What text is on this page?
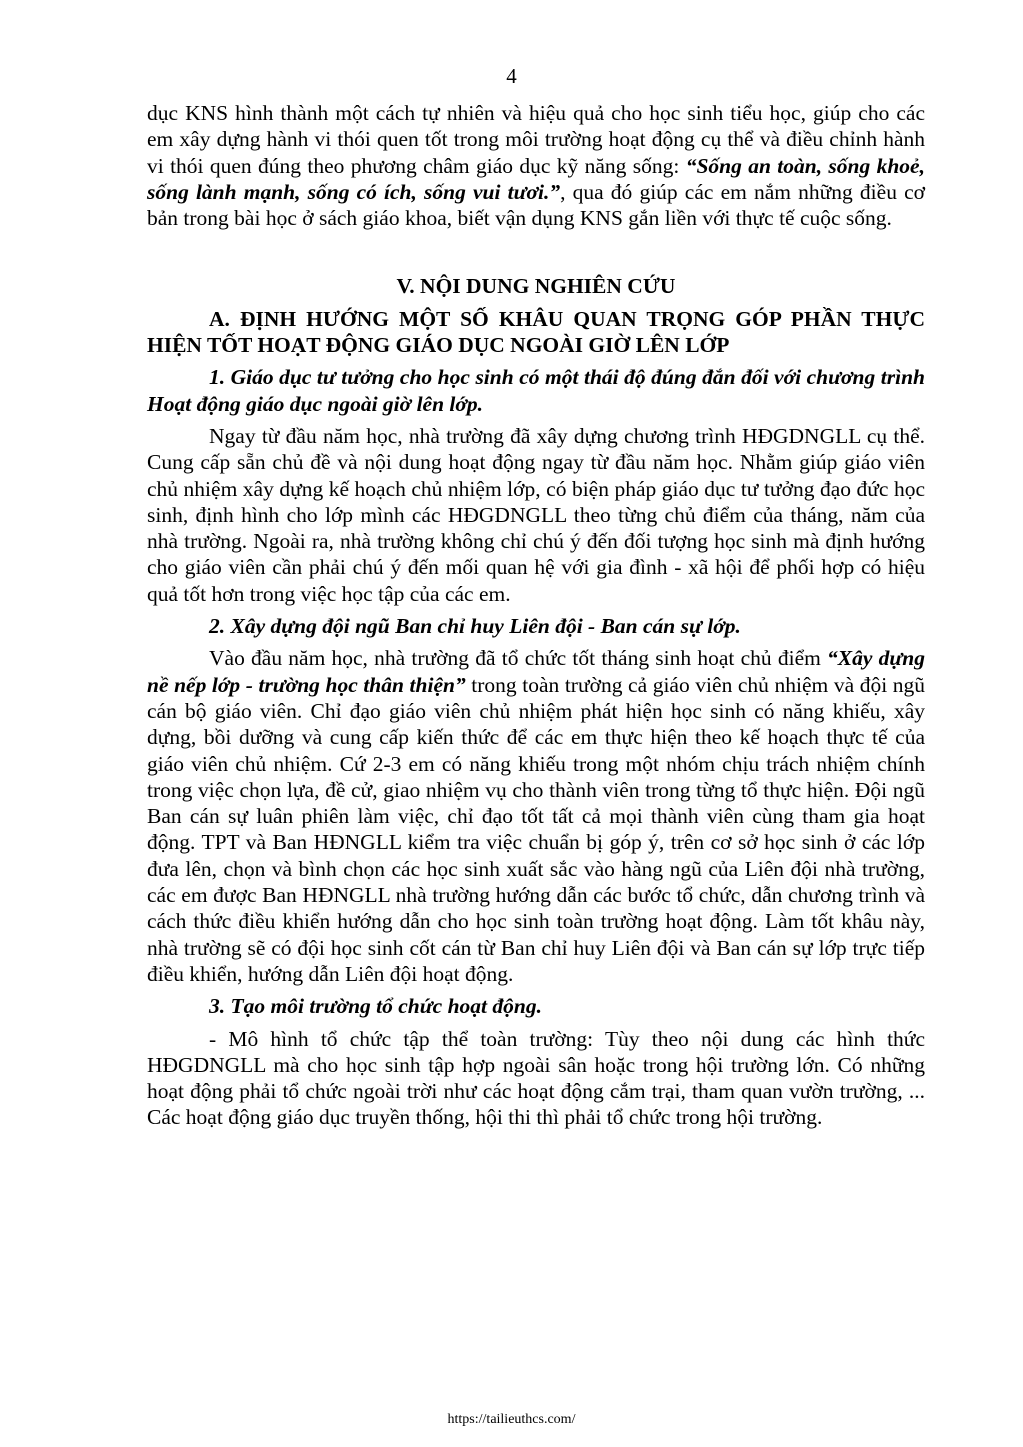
4

dục KNS hình thành một cách tự nhiên và hiệu quả cho học sinh tiểu học, giúp cho các em xây dựng hành vi thói quen tốt trong môi trường hoạt động cụ thể và điều chỉnh hành vi thói quen đúng theo phương châm giáo dục kỹ năng sống: “Sống an toàn, sống khoẻ, sống lành mạnh, sống có ích, sống vui tươi.”, qua đó giúp các em nắm những điều cơ bản trong bài học ở sách giáo khoa, biết vận dụng KNS gắn liền với thực tế cuộc sống.

V. NỘI DUNG NGHIÊN CỨU

A. ĐỊNH HƯỚNG MỘT SỐ KHÂU QUAN TRỌNG GÓP PHẦN THỰC HIỆN TỐT HOẠT ĐỘNG GIÁO DỤC NGOÀI GIỜ LÊN LỚP

1. Giáo dục tư tưởng cho học sinh có một thái độ đúng đắn đối với chương trình Hoạt động giáo dục ngoài giờ lên lớp.

Ngay từ đầu năm học, nhà trường đã xây dựng chương trình HĐGDNGLL cụ thể. Cung cấp sẵn chủ đề và nội dung hoạt động ngay từ đầu năm học. Nhằm giúp giáo viên chủ nhiệm xây dựng kế hoạch chủ nhiệm lớp, có biện pháp giáo dục tư tưởng đạo đức học sinh, định hình cho lớp mình các HĐGDNGLL theo từng chủ điểm của tháng, năm của nhà trường. Ngoài ra, nhà trường không chỉ chú ý đến đối tượng học sinh mà định hướng cho giáo viên cần phải chú ý đến mối quan hệ với gia đình - xã hội để phối hợp có hiệu quả tốt hơn trong việc học tập của các em.

2. Xây dựng đội ngũ Ban chỉ huy Liên đội - Ban cán sự lớp.

Vào đầu năm học, nhà trường đã tổ chức tốt tháng sinh hoạt chủ điểm “Xây dựng nề nếp lớp - trường học thân thiện” trong toàn trường cả giáo viên chủ nhiệm và đội ngũ cán bộ giáo viên. Chỉ đạo giáo viên chủ nhiệm phát hiện học sinh có năng khiếu, xây dựng, bồi dưỡng và cung cấp kiến thức để các em thực hiện theo kế hoạch thực tế của giáo viên chủ nhiệm. Cứ 2-3 em có năng khiếu trong một nhóm chịu trách nhiệm chính trong việc chọn lựa, đề cử, giao nhiệm vụ cho thành viên trong từng tổ thực hiện. Đội ngũ Ban cán sự luân phiên làm việc, chỉ đạo tốt tất cả mọi thành viên cùng tham gia hoạt động. TPT và Ban HĐNGLL kiểm tra việc chuẩn bị góp ý, trên cơ sở học sinh ở các lớp đưa lên, chọn và bình chọn các học sinh xuất sắc vào hàng ngũ của Liên đội nhà trường, các em được Ban HĐNGLL nhà trường hướng dẫn các bước tổ chức, dẫn chương trình và cách thức điều khiển hướng dẫn cho học sinh toàn trường hoạt động. Làm tốt khâu này, nhà trường sẽ có đội học sinh cốt cán từ Ban chỉ huy Liên đội và Ban cán sự lớp trực tiếp điều khiển, hướng dẫn Liên đội hoạt động.

3. Tạo môi trường tổ chức hoạt động.

- Mô hình tổ chức tập thể toàn trường: Tùy theo nội dung các hình thức HĐGDNGLL mà cho học sinh tập hợp ngoài sân hoặc trong hội trường lớn. Có những hoạt động phải tổ chức ngoài trời như các hoạt động cắm trại, tham quan vườn trường, ... Các hoạt động giáo dục truyền thống, hội thi thì phải tổ chức trong hội trường.

https://tailieuthcs.com/
